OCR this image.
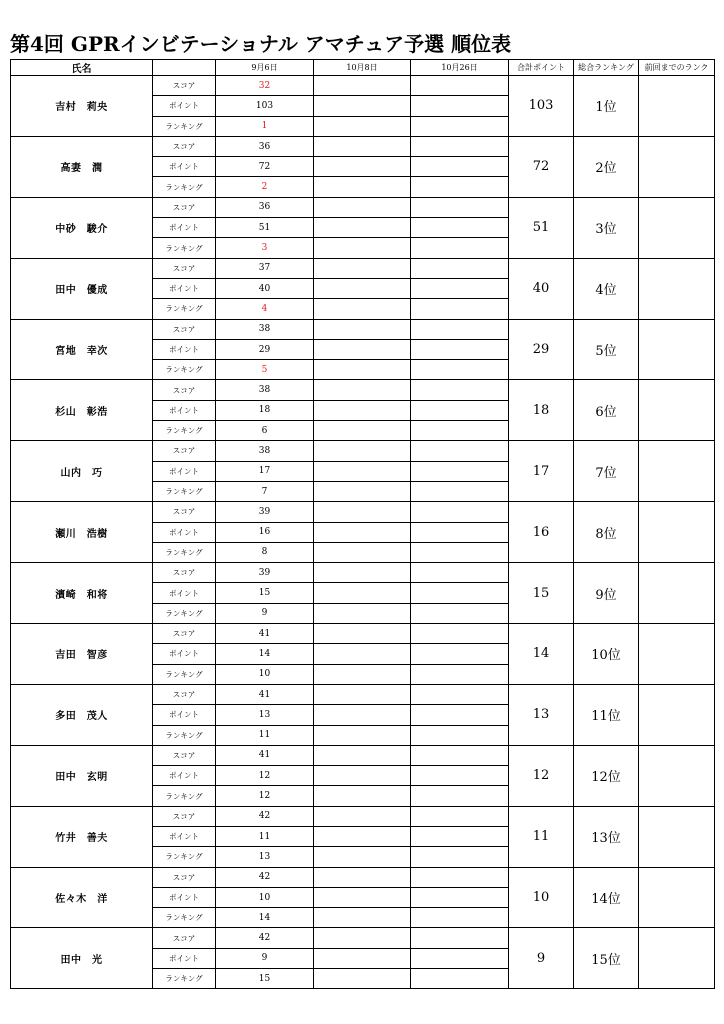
第4回 GPRインビテーショナル アマチュア予選 順位表
氏名		9月6日	10月8日	10月26日	合計ポイント	総合ランキング	前回までのランク
吉村　莉央	スコア	32			103	1位	
	ポイント	103					
	ランキング	1					
高妻　潤	スコア	36			72	2位	
	ポイント	72					
	ランキング	2					
中砂　駿介	スコア	36			51	3位	
	ポイント	51					
	ランキング	3					
田中　優成	スコア	37			40	4位	
	ポイント	40					
	ランキング	4					
宮地　幸次	スコア	38			29	5位	
	ポイント	29					
	ランキング	5					
杉山　彰浩	スコア	38			18	6位	
	ポイント	18					
	ランキング	6					
山内　巧	スコア	38			17	7位	
	ポイント	17					
	ランキング	7					
瀬川　浩樹	スコア	39			16	8位	
	ポイント	16					
	ランキング	8					
濱崎　和将	スコア	39			15	9位	
	ポイント	15					
	ランキング	9					
吉田　智彦	スコア	41			14	10位	
	ポイント	14					
	ランキング	10					
多田　茂人	スコア	41			13	11位	
	ポイント	13					
	ランキング	11					
田中　玄明	スコア	41			12	12位	
	ポイント	12					
	ランキング	12					
竹井　善夫	スコア	42			11	13位	
	ポイント	11					
	ランキング	13					
佐々木　洋	スコア	42			10	14位	
	ポイント	10					
	ランキング	14					
田中　光	スコア	42			9	15位	
	ポイント	9					
	ランキング	15					
